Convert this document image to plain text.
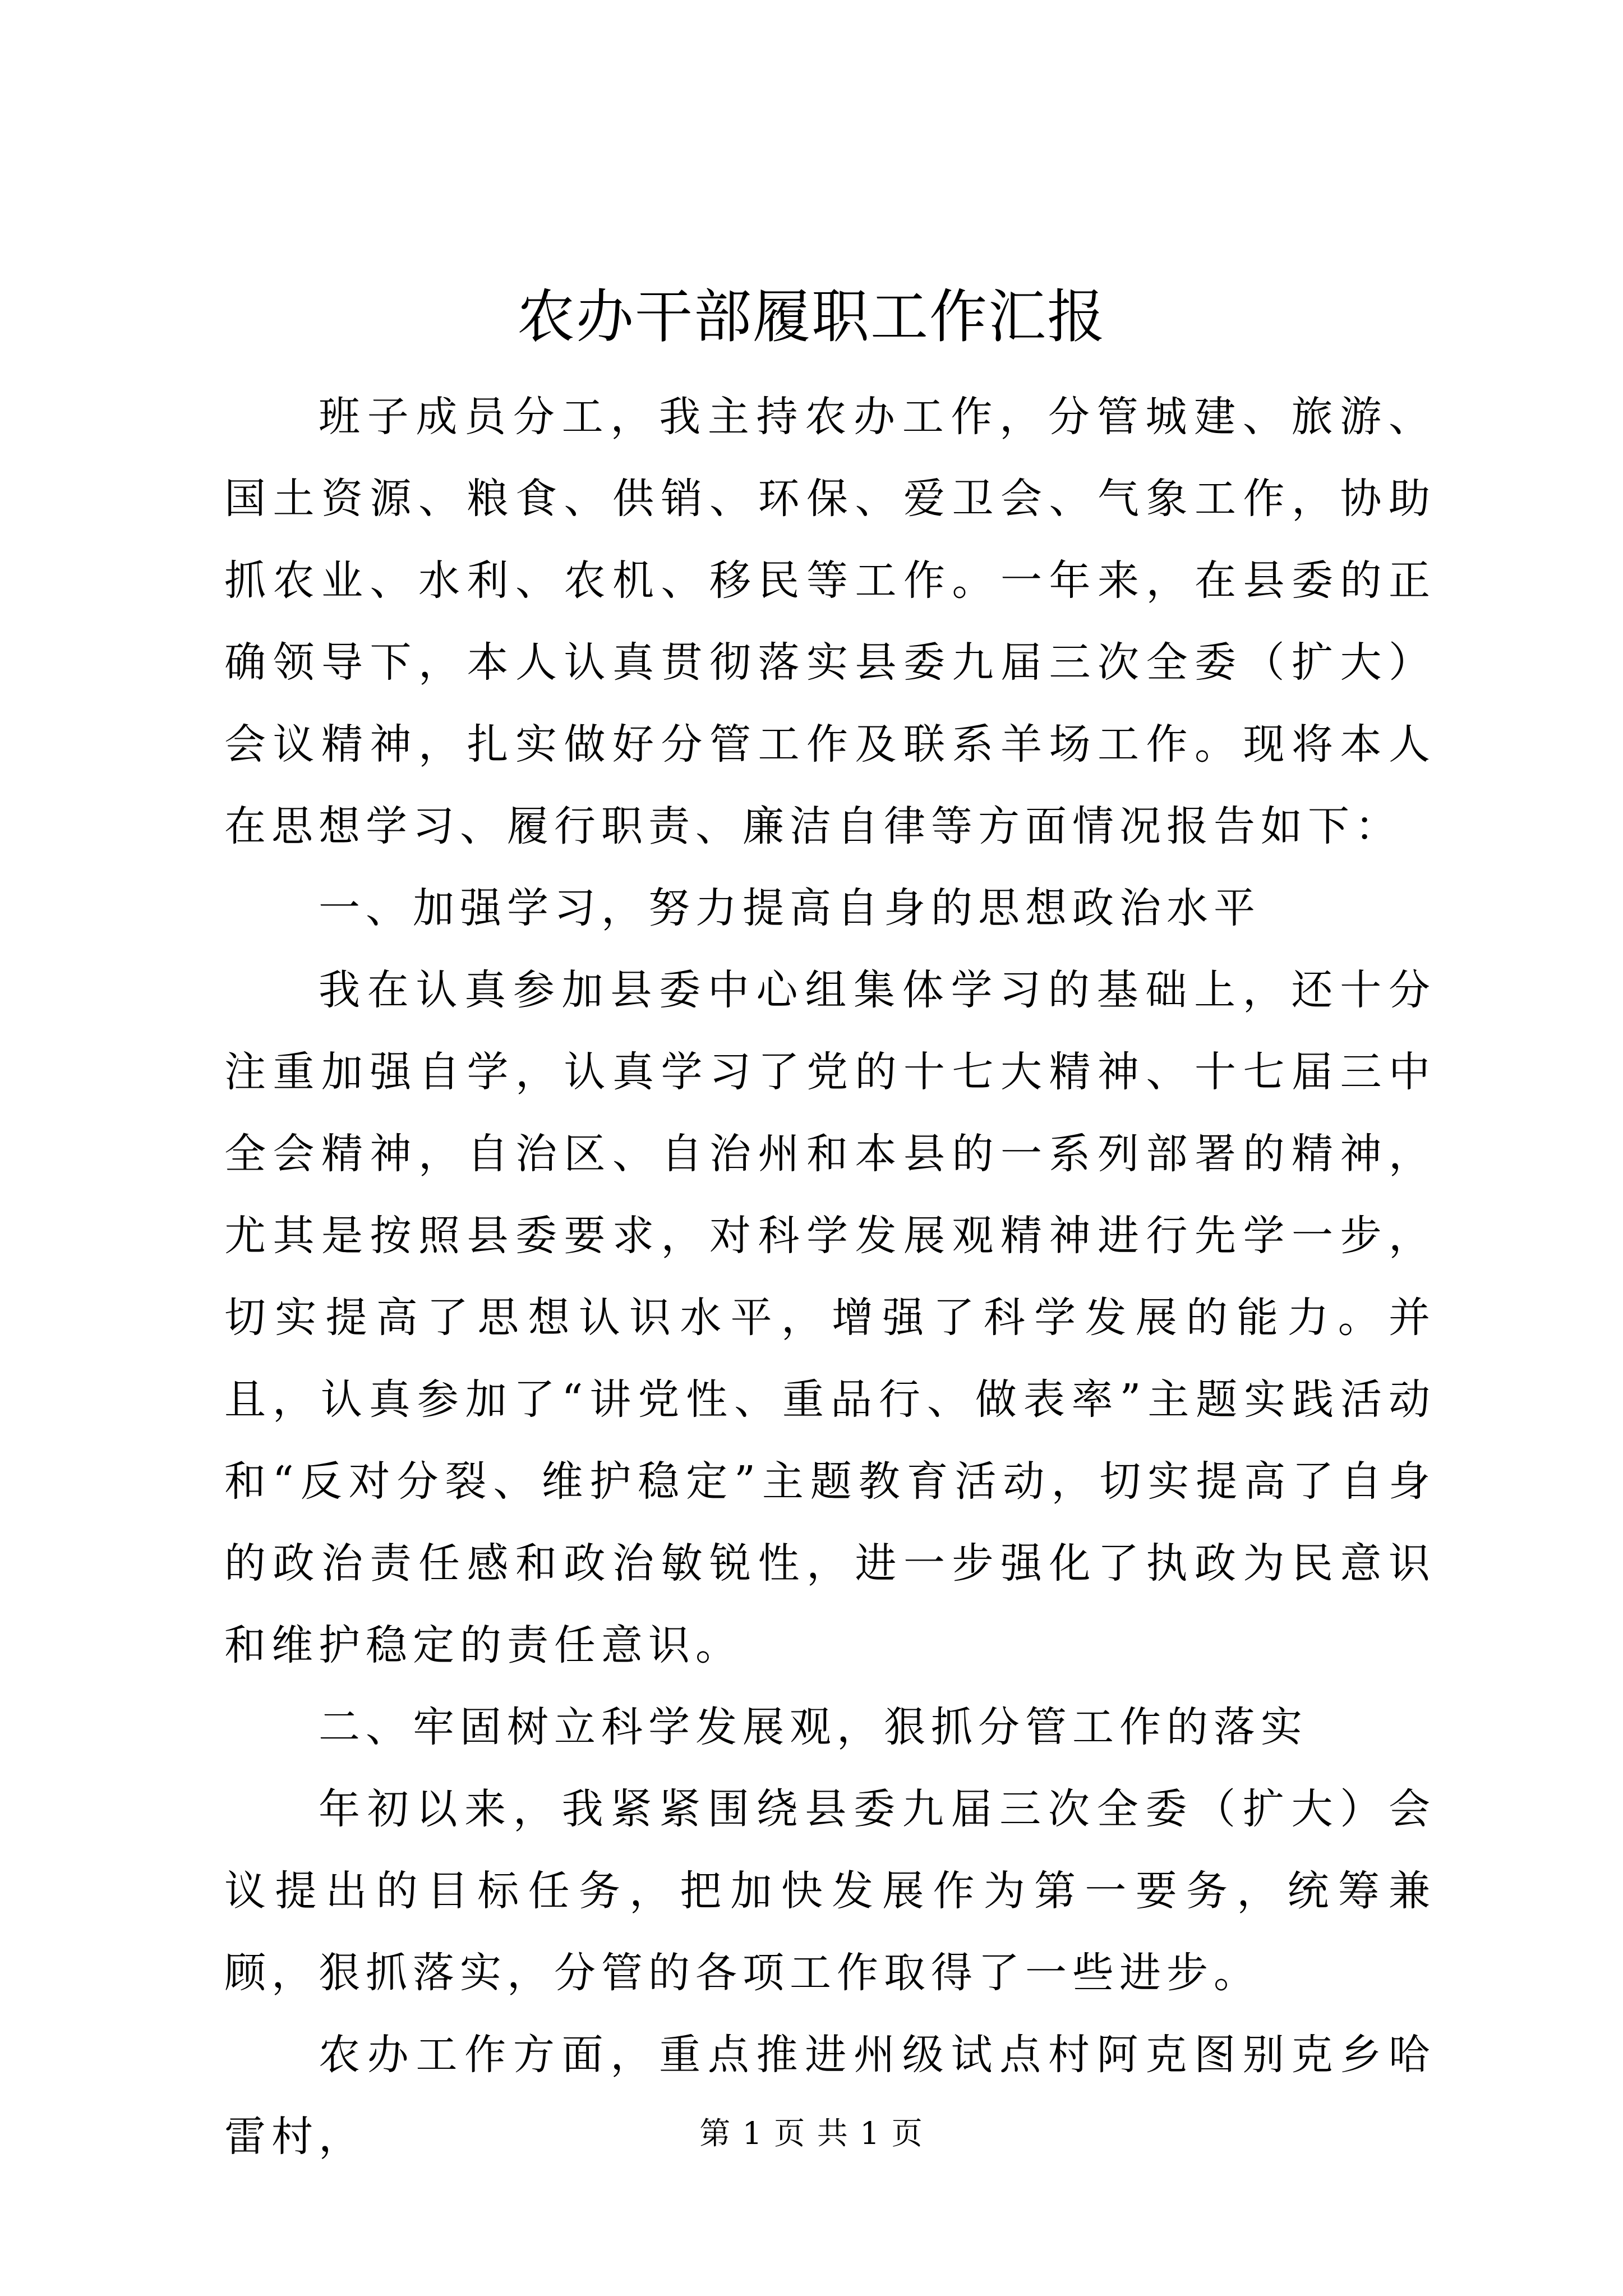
农办干部履职工作汇报

班子成员分工，我主持农办工作，分管城建、旅游、国土资源、粮食、供销、环保、爱卫会、气象工作，协助抓农业、水利、农机、移民等工作。一年来，在县委的正确领导下，本人认真贯彻落实县委九届三次全委（扩大）会议精神，扎实做好分管工作及联系羊场工作。现将本人在思想学习、履行职责、廉洁自律等方面情况报告如下：

一、加强学习，努力提高自身的思想政治水平

我在认真参加县委中心组集体学习的基础上，还十分注重加强自学，认真学习了党的十七大精神、十七届三中全会精神，自治区、自治州和本县的一系列部署的精神，尤其是按照县委要求，对科学发展观精神进行先学一步，切实提高了思想认识水平，增强了科学发展的能力。并且，认真参加了“讲党性、重品行、做表率”主题实践活动和“反对分裂、维护稳定”主题教育活动，切实提高了自身的政治责任感和政治敏锐性，进一步强化了执政为民意识和维护稳定的责任意识。

二、牢固树立科学发展观，狠抓分管工作的落实

年初以来，我紧紧围绕县委九届三次全委（扩大）会议提出的目标任务，把加快发展作为第一要务，统筹兼顾，狠抓落实，分管的各项工作取得了一些进步。

农办工作方面，重点推进州级试点村阿克图别克乡哈雷村，	第 1 页 共 1 页
